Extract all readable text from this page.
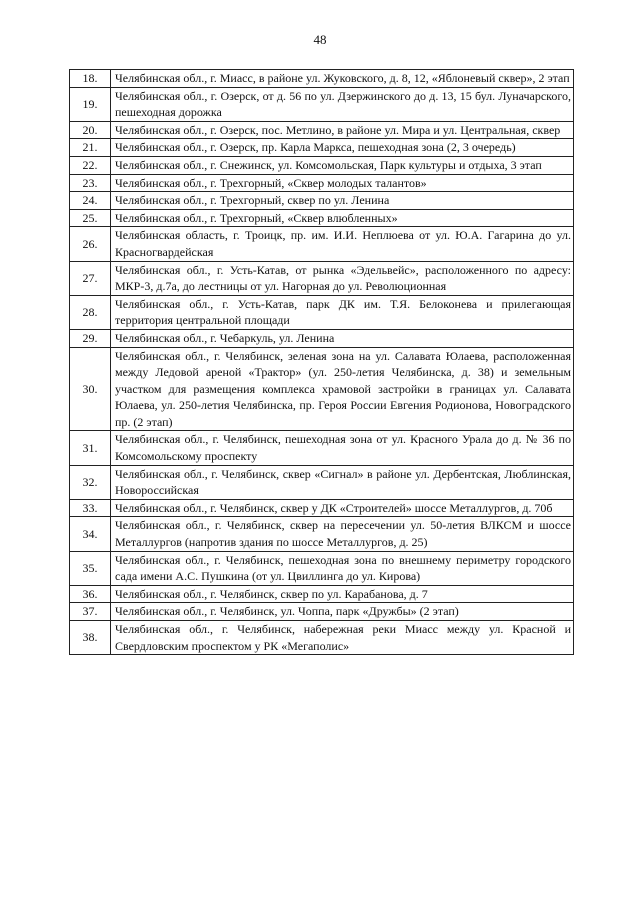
48
18.	Челябинская обл., г. Миасс, в районе ул. Жуковского, д. 8, 12, «Яблоневый сквер», 2 этап
19.	Челябинская обл., г. Озерск, от д. 56 по ул. Дзержинского до д. 13, 15 бул. Луначарского, пешеходная дорожка
20.	Челябинская обл., г. Озерск, пос. Метлино, в районе ул. Мира и ул. Центральная, сквер
21.	Челябинская обл., г. Озерск, пр. Карла Маркса, пешеходная зона (2, 3 очередь)
22.	Челябинская обл., г. Снежинск, ул. Комсомольская, Парк культуры и отдыха, 3 этап
23.	Челябинская обл., г. Трехгорный, «Сквер молодых талантов»
24.	Челябинская обл., г. Трехгорный, сквер по ул. Ленина
25.	Челябинская обл., г. Трехгорный, «Сквер влюбленных»
26.	Челябинская область, г. Троицк, пр. им. И.И. Неплюева от ул. Ю.А. Гагарина до ул. Красногвардейская
27.	Челябинская обл., г. Усть-Катав, от рынка «Эдельвейс», расположенного по адресу: МКР-3, д.7а, до лестницы от ул. Нагорная до ул. Революционная
28.	Челябинская обл., г. Усть-Катав, парк ДК им. Т.Я. Белоконева и прилегающая территория центральной площади
29.	Челябинская обл., г. Чебаркуль, ул. Ленина
30.	Челябинская обл., г. Челябинск, зеленая зона на ул. Салавата Юлаева, расположенная между Ледовой ареной «Трактор» (ул. 250-летия Челябинска, д. 38) и земельным участком для размещения комплекса храмовой застройки в границах ул. Салавата Юлаева, ул. 250-летия Челябинска, пр. Героя России Евгения Родионова, Новоградского пр. (2 этап)
31.	Челябинская обл., г. Челябинск, пешеходная зона от ул. Красного Урала до д. № 36 по Комсомольскому проспекту
32.	Челябинская обл., г. Челябинск, сквер «Сигнал» в районе ул. Дербентская, Люблинская, Новороссийская
33.	Челябинская обл., г. Челябинск, сквер у ДК «Строителей» шоссе Металлургов, д. 70б
34.	Челябинская обл., г. Челябинск, сквер на пересечении ул. 50-летия ВЛКСМ и шоссе Металлургов (напротив здания по шоссе Металлургов, д. 25)
35.	Челябинская обл., г. Челябинск, пешеходная зона по внешнему периметру городского сада имени А.С. Пушкина (от ул. Цвиллинга до ул. Кирова)
36.	Челябинская обл., г. Челябинск, сквер по ул. Карабанова, д. 7
37.	Челябинская обл., г. Челябинск, ул. Чоппа, парк «Дружбы» (2 этап)
38.	Челябинская обл., г. Челябинск, набережная реки Миасс между ул. Красной и Свердловским проспектом у РК «Мегаполис»
